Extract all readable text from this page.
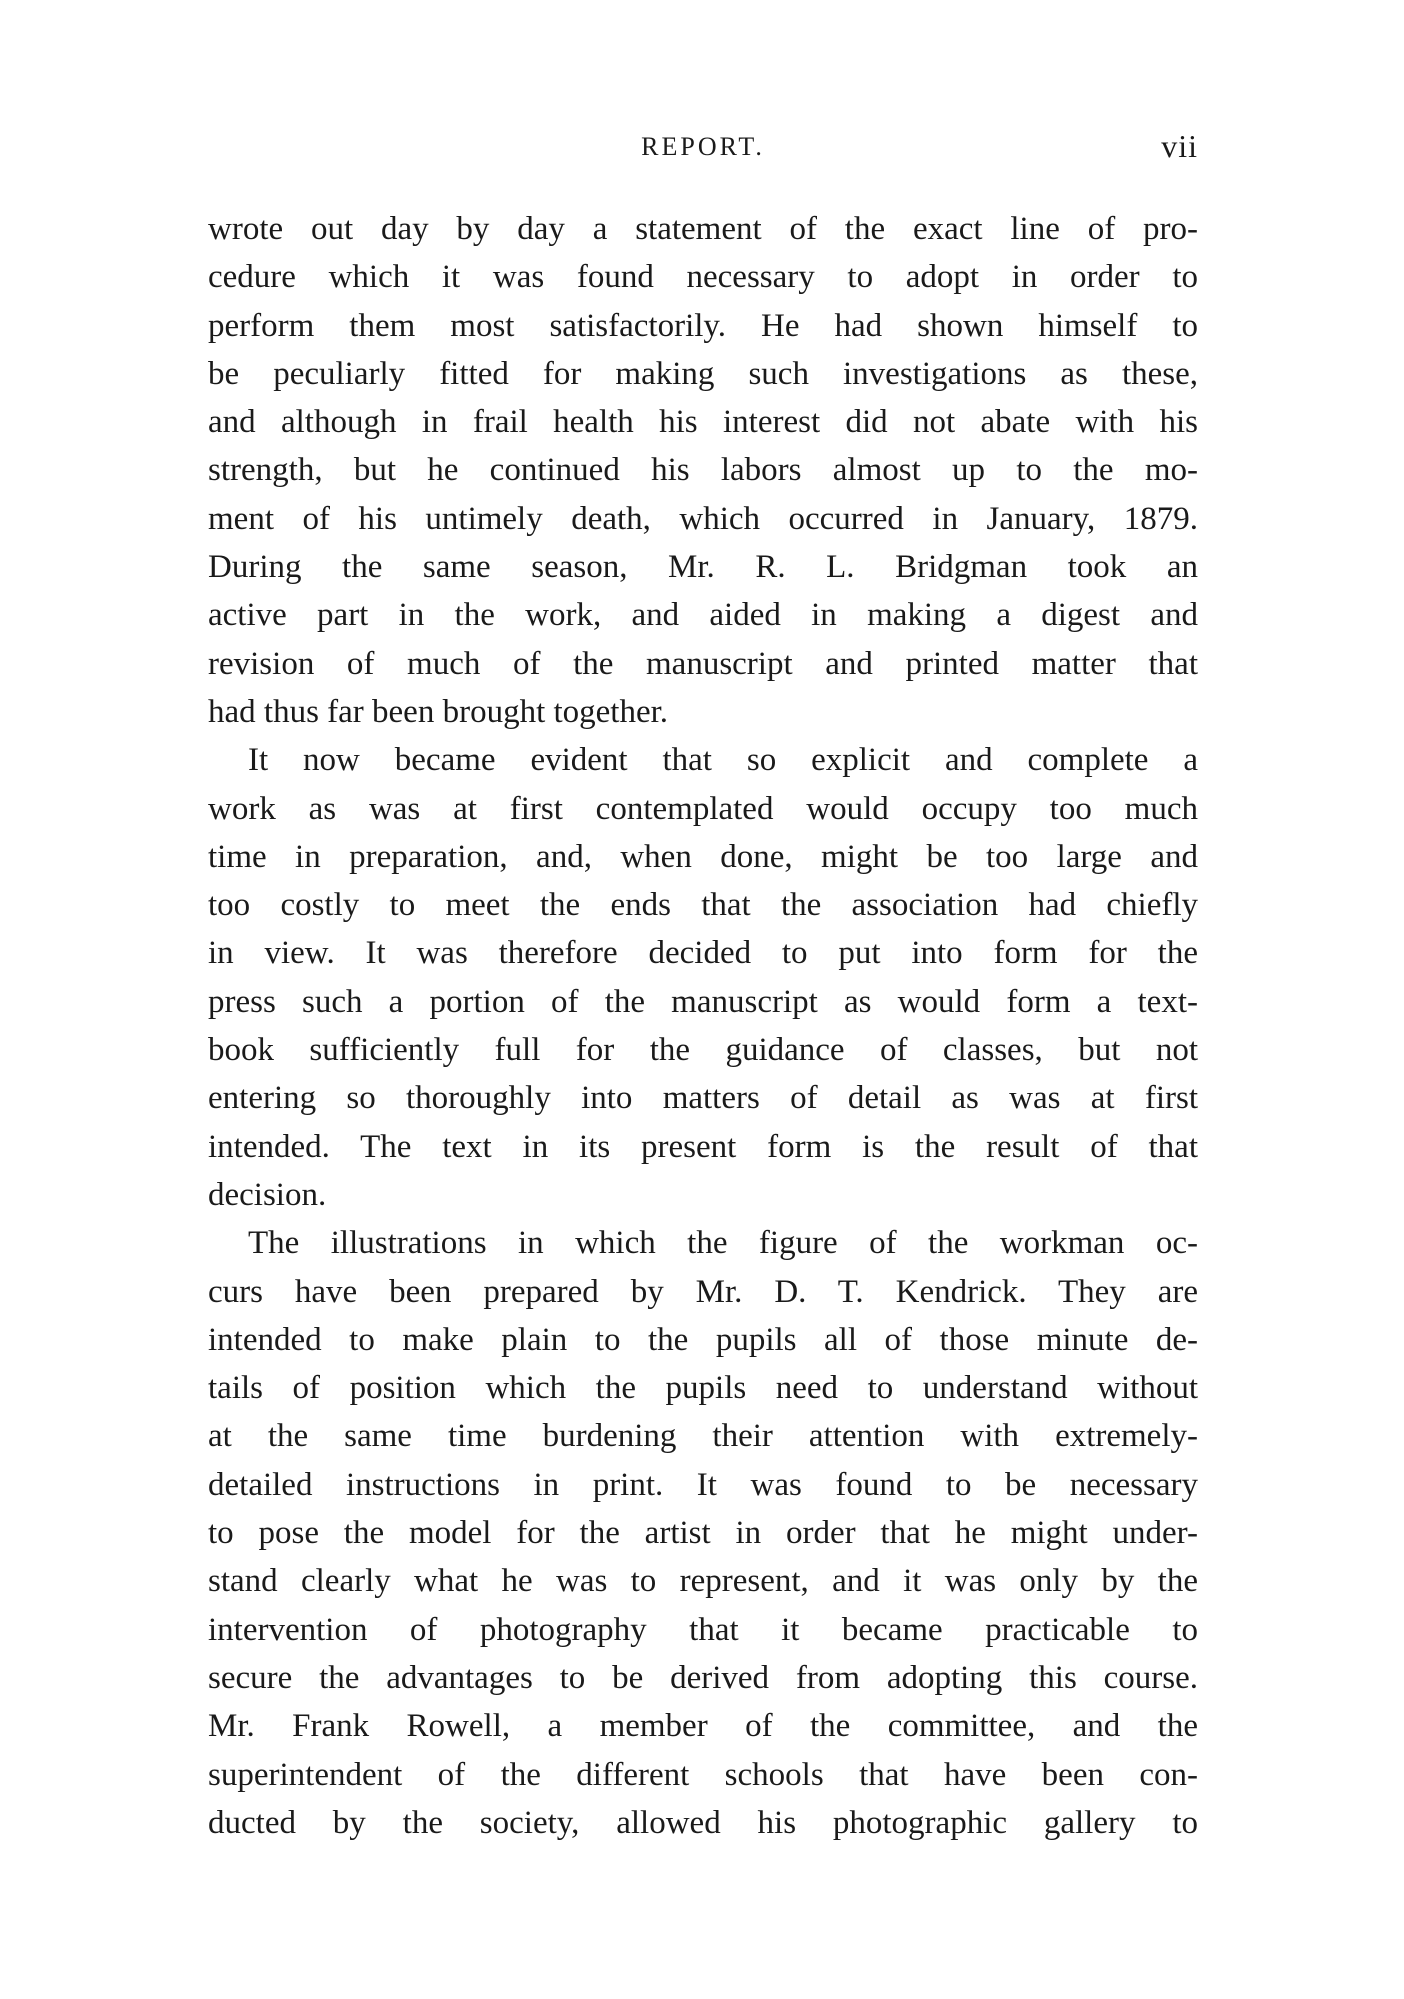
REPORT.	vii
wrote out day by day a statement of the exact line of pro-
cedure which it was found necessary to adopt in order to
perform them most satisfactorily. He had shown himself to
be peculiarly fitted for making such investigations as these,
and although in frail health his interest did not abate with his
strength, but he continued his labors almost up to the mo-
ment of his untimely death, which occurred in January, 1879.
During the same season, Mr. R. L. Bridgman took an
active part in the work, and aided in making a digest and
revision of much of the manuscript and printed matter that
had thus far been brought together.
It now became evident that so explicit and complete a
work as was at first contemplated would occupy too much
time in preparation, and, when done, might be too large and
too costly to meet the ends that the association had chiefly
in view. It was therefore decided to put into form for the
press such a portion of the manuscript as would form a text-
book sufficiently full for the guidance of classes, but not
entering so thoroughly into matters of detail as was at first
intended. The text in its present form is the result of that
decision.
The illustrations in which the figure of the workman oc-
curs have been prepared by Mr. D. T. Kendrick. They are
intended to make plain to the pupils all of those minute de-
tails of position which the pupils need to understand without
at the same time burdening their attention with extremely-
detailed instructions in print. It was found to be necessary
to pose the model for the artist in order that he might under-
stand clearly what he was to represent, and it was only by the
intervention of photography that it became practicable to
secure the advantages to be derived from adopting this course.
Mr. Frank Rowell, a member of the committee, and the
superintendent of the different schools that have been con-
ducted by the society, allowed his photographic gallery to
